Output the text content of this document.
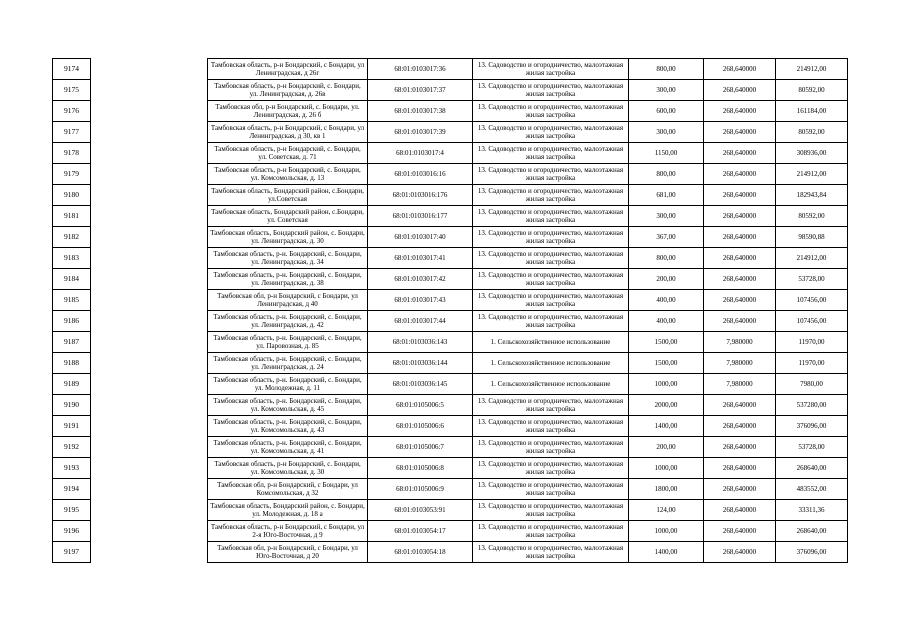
9174		Тамбовская область, р-н Бондарский, с Бондари, ул Ленинградская, д 26г	68:01:0103017:36	13. Садоводство и огородничество, малоэтажная жилая застройка	800,00	268,640000	214912,00
9175		Тамбовская область, р-н Бондарский, с. Бондари, ул. Ленинградская, д. 26в	68:01:0103017:37	13. Садоводство и огородничество, малоэтажная жилая застройка	300,00	268,640000	80592,00
9176		Тамбовская обл, р-н Бондарский, с. Бондари, ул. Ленинградская, д. 26 б	68:01:0103017:38	13. Садоводство и огородничество, малоэтажная жилая застройка	600,00	268,640000	161184,00
9177		Тамбовская область, р-н Бондарский, с Бондари, ул Ленинградская, д 30, кв 1	68:01:0103017:39	13. Садоводство и огородничество, малоэтажная жилая застройка	300,00	268,640000	80592,00
9178		Тамбовская область, р-н Бондарский, с. Бондари, ул. Советская, д. 71	68:01:0103017:4	13. Садоводство и огородничество, малоэтажная жилая застройка	1150,00	268,640000	308936,00
9179		Тамбовская область, р-н Бондарский, с. Бондари, ул. Комсомольская, д. 13	68:01:0103016:16	13. Садоводство и огородничество, малоэтажная жилая застройка	800,00	268,640000	214912,00
9180		Тамбовская область, Бондарский район, с.Бондари, ул.Советская	68:01:0103016:176	13. Садоводство и огородничество, малоэтажная жилая застройка	681,00	268,640000	182943,84
9181		Тамбовская область, Бондарский район, с.Бондари, ул. Советская	68:01:0103016:177	13. Садоводство и огородничество, малоэтажная жилая застройка	300,00	268,640000	80592,00
9182		Тамбовская область, Бондарский район, с. Бондари, ул. Ленинградская, д. 30	68:01:0103017:40	13. Садоводство и огородничество, малоэтажная жилая застройка	367,00	268,640000	98590,88
9183		Тамбовская область, р-н. Бондарский, с. Бондари, ул. Ленинградская, д. 34	68:01:0103017:41	13. Садоводство и огородничество, малоэтажная жилая застройка	800,00	268,640000	214912,00
9184		Тамбовская область, р-н. Бондарский, с. Бондари, ул. Ленинградская, д. 38	68:01:0103017:42	13. Садоводство и огородничество, малоэтажная жилая застройка	200,00	268,640000	53728,00
9185		Тамбовская обл, р-н Бондарский, с Бондари, ул Ленинградская, д 40	68:01:0103017:43	13. Садоводство и огородничество, малоэтажная жилая застройка	400,00	268,640000	107456,00
9186		Тамбовская область, р-н. Бондарский, с. Бондари, ул. Ленинградская, д. 42	68:01:0103017:44	13. Садоводство и огородничество, малоэтажная жилая застройка	400,00	268,640000	107456,00
9187		Тамбовская область, р-н. Бондарский, с. Бондари, ул. Паровозная, д. 85	68:01:0103036:143	1. Сельскохозяйственное использование	1500,00	7,980000	11970,00
9188		Тамбовская область, р-н. Бондарский, с. Бондари, ул. Ленинградская, д. 24	68:01:0103036:144	1. Сельскохозяйственное использование	1500,00	7,980000	11970,00
9189		Тамбовская область, р-н. Бондарский, с. Бондари, ул. Молодежная, д. 11	68:01:0103036:145	1. Сельскохозяйственное использование	1000,00	7,980000	7980,00
9190		Тамбовская область, р-н. Бондарский, с. Бондари, ул. Комсомольская, д. 45	68:01:0105006:5	13. Садоводство и огородничество, малоэтажная жилая застройка	2000,00	268,640000	537280,00
9191		Тамбовская область, р-н. Бондарский, с. Бондари, ул. Комсомольская, д. 43	68:01:0105006:6	13. Садоводство и огородничество, малоэтажная жилая застройка	1400,00	268,640000	376096,00
9192		Тамбовская область, р-н. Бондарский, с. Бондари, ул. Комсомольская, д. 41	68:01:0105006:7	13. Садоводство и огородничество, малоэтажная жилая застройка	200,00	268,640000	53728,00
9193		Тамбовская область, р-н Бондарский, с. Бондари, ул. Комсомольская, д. 30	68:01:0105006:8	13. Садоводство и огородничество, малоэтажная жилая застройка	1000,00	268,640000	268640,00
9194		Тамбовская обл, р-н Бондарский, с Бондари, ул Комсомольская, д 32	68:01:0105006:9	13. Садоводство и огородничество, малоэтажная жилая застройка	1800,00	268,640000	483552,00
9195		Тамбовская область, Бондарский район, с. Бондари, ул. Молодежная, д. 18 а	68:01:0103053:91	13. Садоводство и огородничество, малоэтажная жилая застройка	124,00	268,640000	33311,36
9196		Тамбовская область, р-н Бондарский, с Бондари, ул 2-я Юго-Восточная, д 9	68:01:0103054:17	13. Садоводство и огородничество, малоэтажная жилая застройка	1000,00	268,640000	268640,00
9197		Тамбовская обл, р-н Бондарский, с Бондари, ул Юго-Восточная, д 20	68:01:0103054:18	13. Садоводство и огородничество, малоэтажная жилая застройка	1400,00	268,640000	376096,00
